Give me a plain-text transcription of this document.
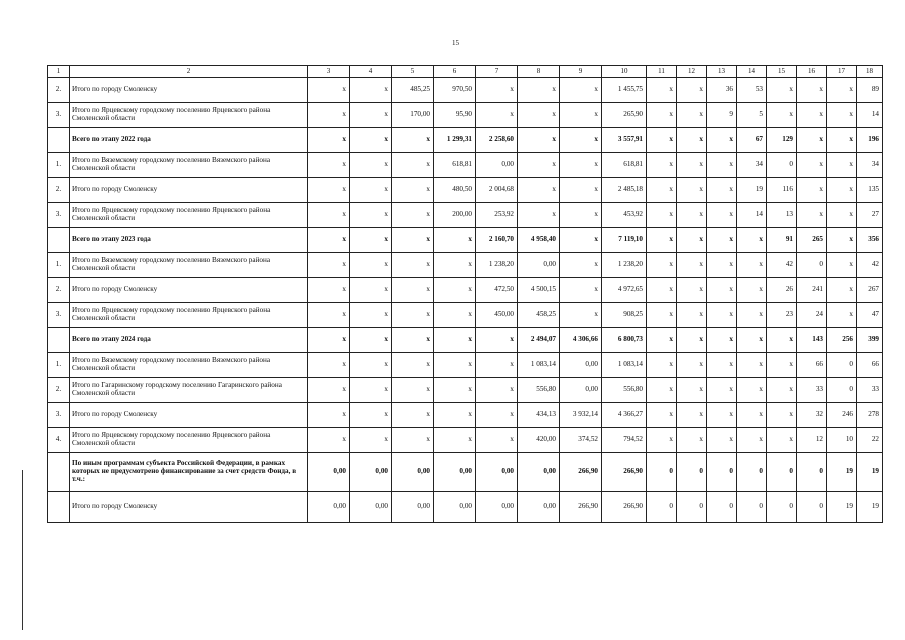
15
1	2	3	4	5	6	7	8	9	10	11	12	13	14	15	16	17	18
2.	Итого по городу Смоленску	x	x	485,25	970,50	x	x	x	1 455,75	x	x	36	53	x	x	x	89
3.	Итого по Ярцевскому городскому поселению Ярцевского района Смоленской области	x	x	170,00	95,90	x	x	x	265,90	x	x	9	5	x	x	x	14
	Всего по этапу 2022 года	x	x	x	1 299,31	2 258,60	x	x	3 557,91	x	x	x	67	129	x	x	196
1.	Итого по Вяземскому городскому поселению Вяземского района Смоленской области	x	x	x	618,81	0,00	x	x	618,81	x	x	x	34	0	x	x	34
2.	Итого по городу Смоленску	x	x	x	480,50	2 004,68	x	x	2 485,18	x	x	x	19	116	x	x	135
3.	Итого по Ярцевскому городскому поселению Ярцевского района Смоленской области	x	x	x	200,00	253,92	x	x	453,92	x	x	x	14	13	x	x	27
	Всего по этапу 2023 года	x	x	x	x	2 160,70	4 958,40	x	7 119,10	x	x	x	x	91	265	x	356
1.	Итого по Вяземскому городскому поселению Вяземского района Смоленской области	x	x	x	x	1 238,20	0,00	x	1 238,20	x	x	x	x	42	0	x	42
2.	Итого по городу Смоленску	x	x	x	x	472,50	4 500,15	x	4 972,65	x	x	x	x	26	241	x	267
3.	Итого по Ярцевскому городскому поселению Ярцевского района Смоленской области	x	x	x	x	450,00	458,25	x	908,25	x	x	x	x	23	24	x	47
	Всего по этапу 2024 года	x	x	x	x	x	2 494,07	4 306,66	6 800,73	x	x	x	x	x	143	256	399
1.	Итого по Вяземскому городскому поселению Вяземского района Смоленской области	x	x	x	x	x	1 083,14	0,00	1 083,14	x	x	x	x	x	66	0	66
2.	Итого по Гагаринскому городскому поселению Гагаринского района Смоленской области	x	x	x	x	x	556,80	0,00	556,80	x	x	x	x	x	33	0	33
3.	Итого по городу Смоленску	x	x	x	x	x	434,13	3 932,14	4 366,27	x	x	x	x	x	32	246	278
4.	Итого по Ярцевскому городскому поселению Ярцевского района Смоленской области	x	x	x	x	x	420,00	374,52	794,52	x	x	x	x	x	12	10	22
	По иным программам субъекта Российской Федерации, в рамках которых не предусмотрено финансирование за счет средств Фонда, в т.ч.:	0,00	0,00	0,00	0,00	0,00	0,00	266,90	266,90	0	0	0	0	0	0	19	19
	Итого по городу Смоленску	0,00	0,00	0,00	0,00	0,00	0,00	266,90	266,90	0	0	0	0	0	0	19	19
